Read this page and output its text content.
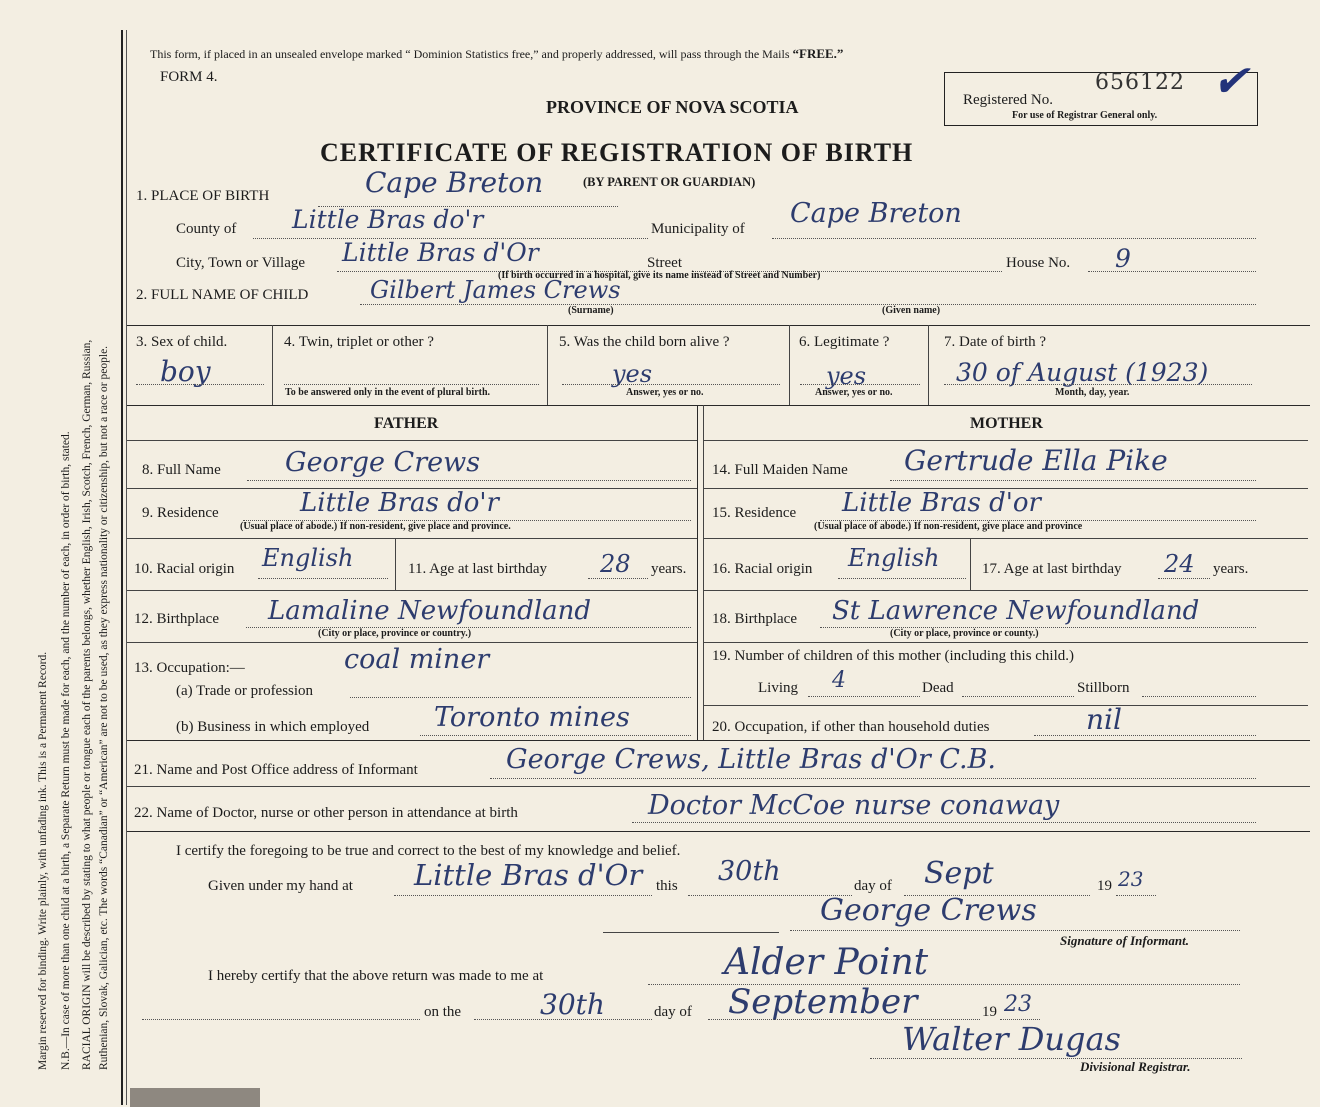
Margin reserved for binding. Write plainly, with unfading ink. This is a Permanent Record. N.B.—In case of more than one child at a birth, a Separate Return must be made for each, and the number of each, in order of birth, stated. RACIAL ORIGIN will be described by stating to what people or tongue each of the parents belongs, whether English, Irish, Scotch, French, German, Russian, Ruthenian, Slovak, Galician, etc. The words “Canadian” or “American” are not to be used, as they express nationality or citizenship, but not a race or people.
This form, if placed in an unsealed envelope marked “ Dominion Statistics free,” and properly addressed, will pass through the Mails “FREE.”
FORM 4.
PROVINCE OF NOVA SCOTIA	Registered No.
656122 ✔
For use of Registrar General only.
CERTIFICATE OF REGISTRATION OF BIRTH
(BY PARENT OR GUARDIAN)
1. PLACE OF BIRTH	Cape Breton
County of Little Bras do'r	Municipality of Cape Breton
City, Town or Village Little Bras d'Or	Street	House No. 9
(If birth occurred in a hospital, give its name instead of Street and Number)
2. FULL NAME OF CHILD	Gilbert James Crews
(Surname)	(Given name)
3. Sex of child.
boy
4. Twin, triplet or other ?
To be answered only in the event of plural birth.
5. Was the child born alive ?
yes
Answer, yes or no.
6. Legitimate ?
yes
Answer, yes or no.
7. Date of birth ?
30 of August (1923)
Month, day, year.
FATHER	MOTHER
8. Full Name George Crews	14. Full Maiden Name Gertrude Ella Pike
9. Residence	Little Bras do'r
(Usual place of abode.) If non-resident, give place and province.
15. Residence Little Bras d'or
(Usual place of abode.) If non-resident, give place and province
10. Racial origin English	11. Age at last birthday 28 years. 16. Racial origin English	17. Age at last birthday 24 years.
12. Birthplace Lamaline Newfoundland
(City or place, province or country.)
18. Birthplace St Lawrence Newfoundland
(City or place, province or county.)
13. Occupation:—	coal miner
(a) Trade or profession
(b) Business in which employed Toronto mines
19. Number of children of this mother (including this child.)
Living 4	Dead	Stillborn
20. Occupation, if other than household duties	nil
21. Name and Post Office address of Informant	George Crews, Little Bras d'Or C.B.
22. Name of Doctor, nurse or other person in attendance at birth	Doctor McCoe nurse conaway
I certify the foregoing to be true and correct to the best of my knowledge and belief.
Given under my hand at Little Bras d'Or this 30th	day of Sept	19 23
George Crews
Signature of Informant.
I hereby certify that the above return was made to me at	Alder Point
on the	30th	day of September	19 23
Walter Dugas
Divisional Registrar.
